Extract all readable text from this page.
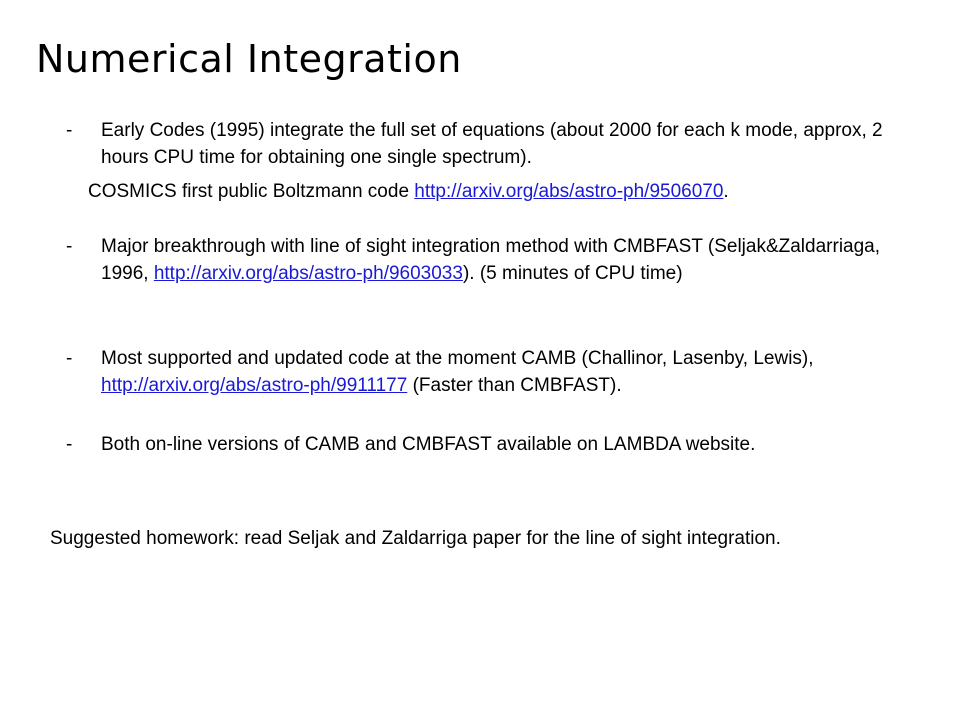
Numerical Integration
- Early Codes (1995) integrate the full set of equations (about 2000 for each k mode, approx, 2 hours CPU time for obtaining one single spectrum).
COSMICS first public Boltzmann code http://arxiv.org/abs/astro-ph/9506070.
- Major breakthrough with line of sight integration method with CMBFAST (Seljak&Zaldarriaga, 1996, http://arxiv.org/abs/astro-ph/9603033). (5 minutes of CPU time)
- Most supported and updated code at the moment CAMB (Challinor, Lasenby, Lewis), http://arxiv.org/abs/astro-ph/9911177 (Faster than CMBFAST).
- Both on-line versions of CAMB and CMBFAST available on LAMBDA website.
Suggested homework: read Seljak and Zaldarriga paper for the line of sight integration.
